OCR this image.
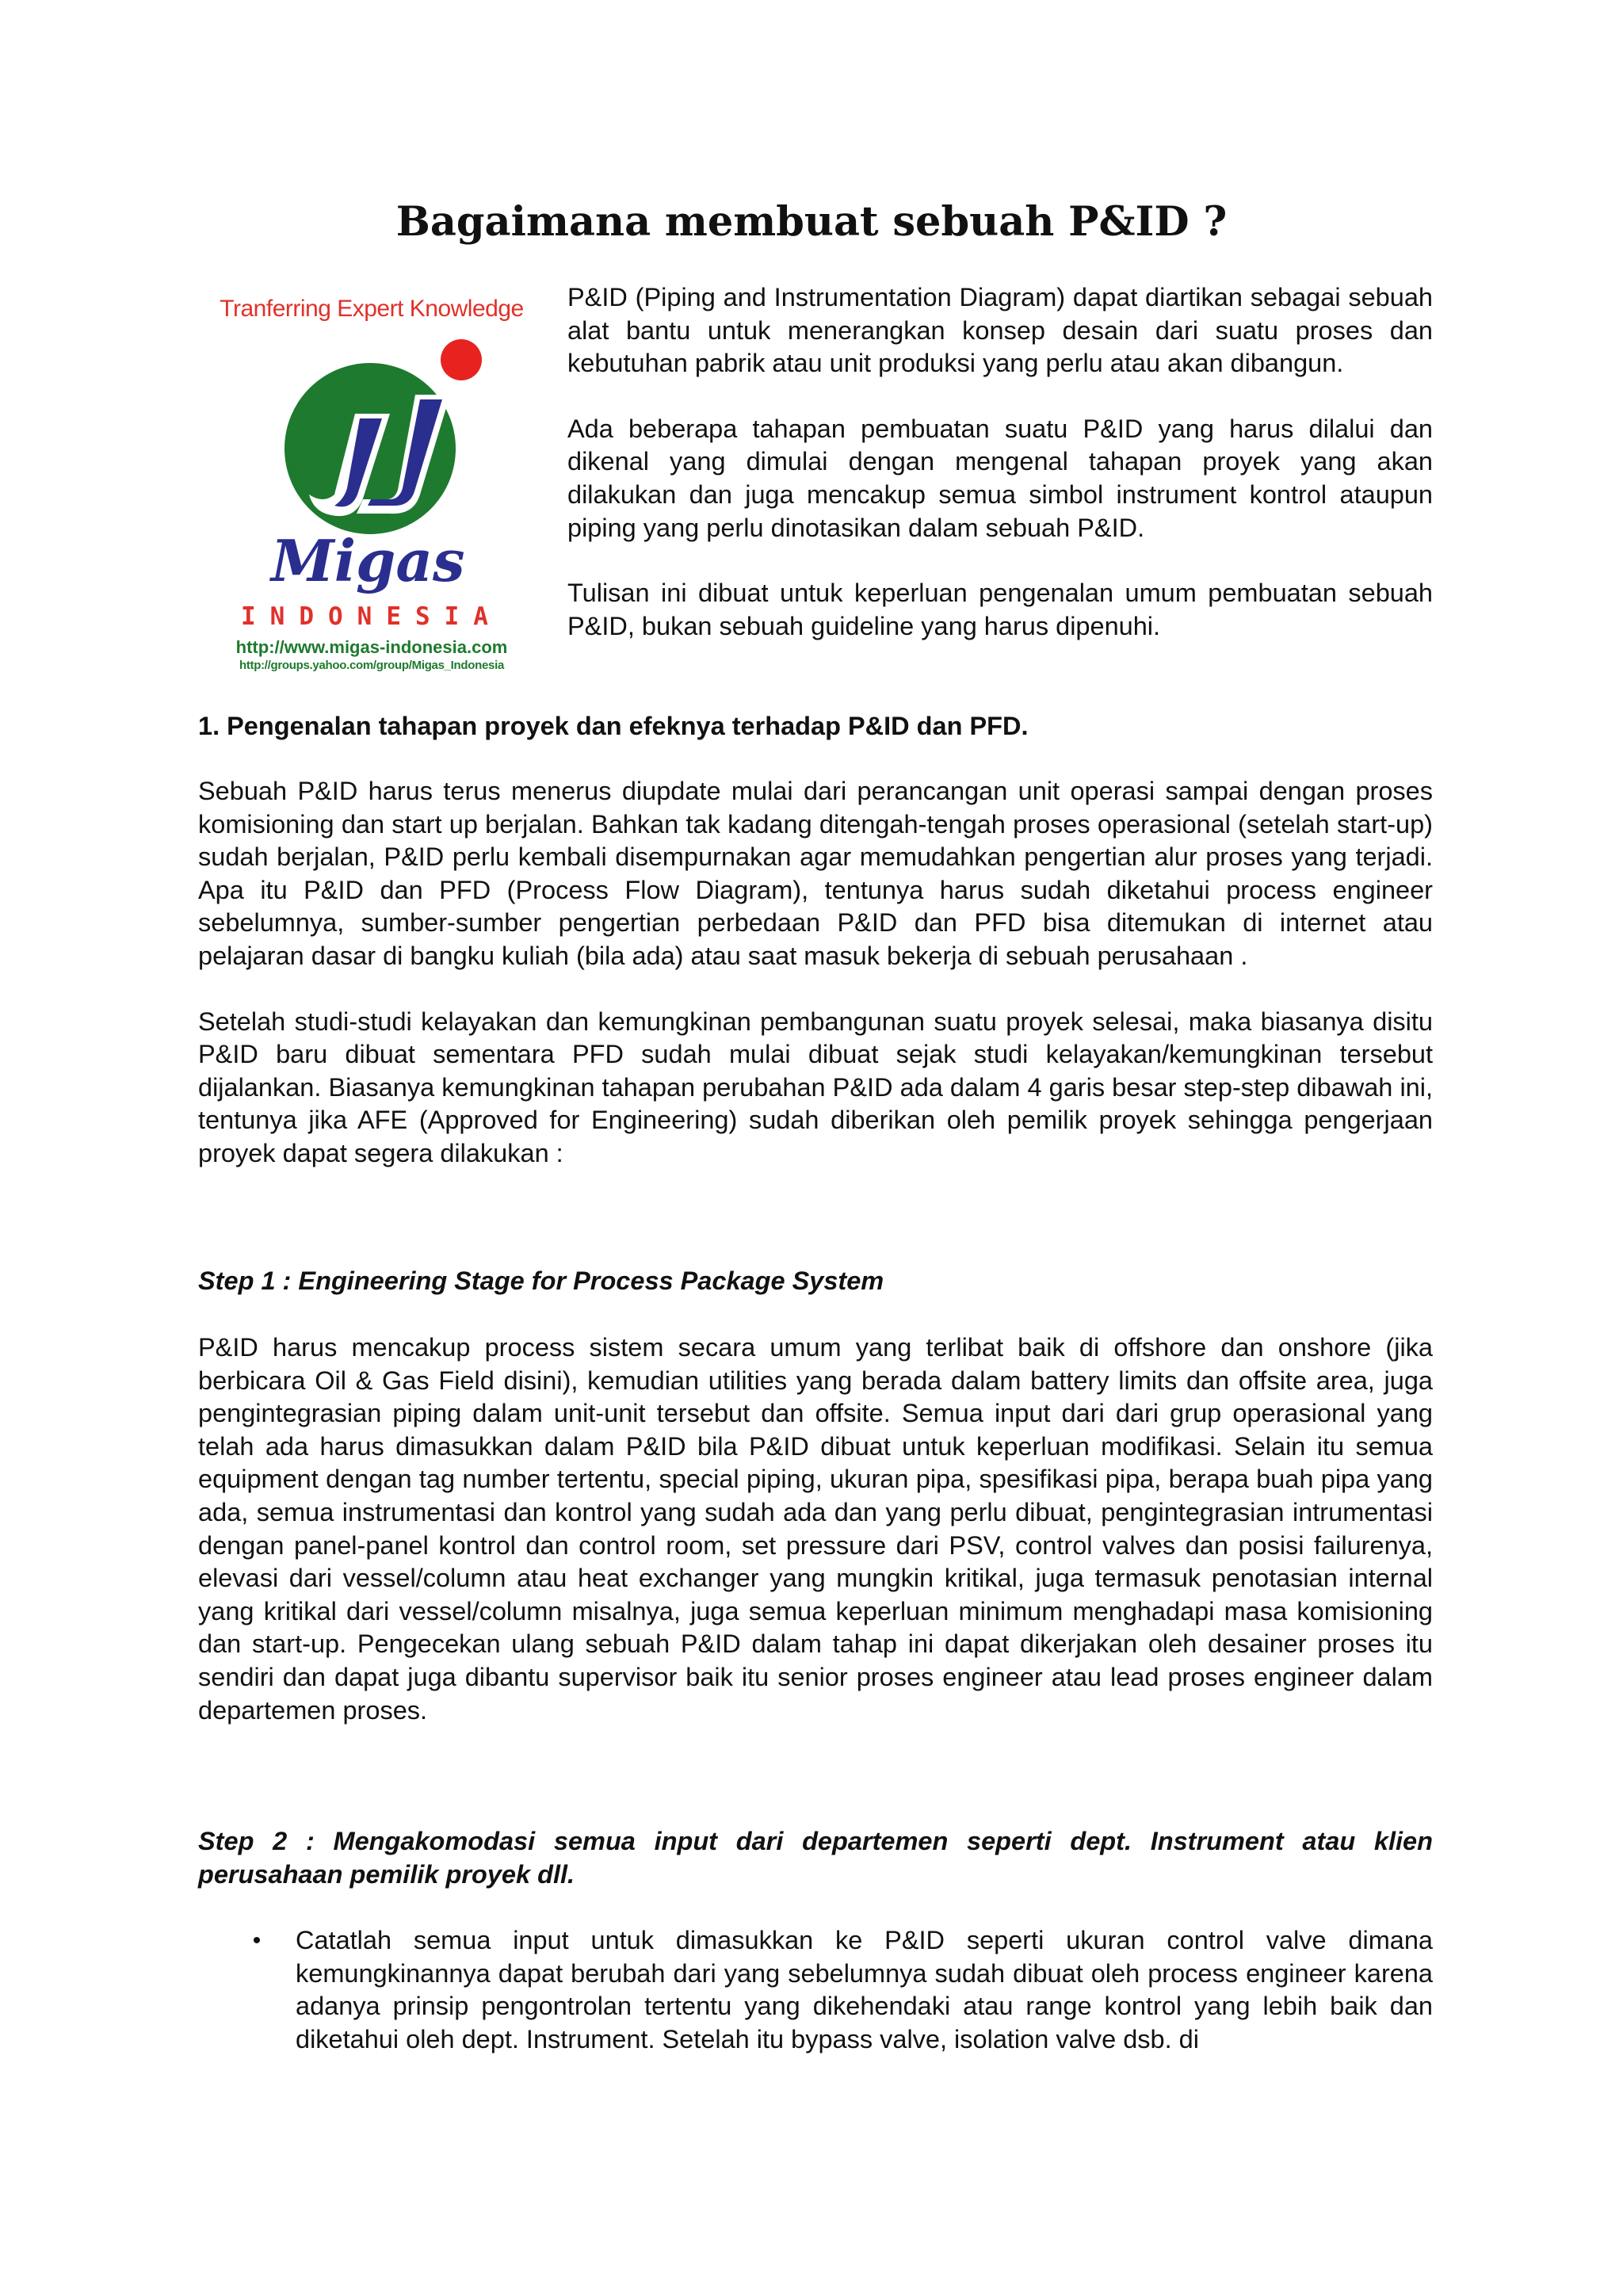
Bagaimana membuat sebuah P&ID ?
Tranferring Expert Knowledge
Migas
INDONESIA
http://www.migas-indonesia.com
http://groups.yahoo.com/group/Migas_Indonesia

P&ID (Piping and Instrumentation Diagram) dapat diartikan sebagai sebuah alat bantu untuk menerangkan konsep desain dari suatu proses dan kebutuhan pabrik atau unit produksi yang perlu atau akan dibangun.

Ada beberapa tahapan pembuatan suatu P&ID yang harus dilalui dan dikenal yang dimulai dengan mengenal tahapan proyek yang akan dilakukan dan juga mencakup semua simbol instrument kontrol ataupun piping yang perlu dinotasikan dalam sebuah P&ID.

Tulisan ini dibuat untuk keperluan pengenalan umum pembuatan sebuah P&ID, bukan sebuah guideline yang harus dipenuhi.

1. Pengenalan tahapan proyek dan efeknya terhadap P&ID dan PFD.

Sebuah P&ID harus terus menerus diupdate mulai dari perancangan unit operasi sampai dengan proses komisioning dan start up berjalan. Bahkan tak kadang ditengah-tengah proses operasional (setelah start-up) sudah berjalan, P&ID perlu kembali disempurnakan agar memudahkan pengertian alur proses yang terjadi. Apa itu P&ID dan PFD (Process Flow Diagram), tentunya harus sudah diketahui process engineer sebelumnya, sumber-sumber pengertian perbedaan P&ID dan PFD bisa ditemukan di internet atau pelajaran dasar di bangku kuliah (bila ada) atau saat masuk bekerja di sebuah perusahaan .

Setelah studi-studi kelayakan dan kemungkinan pembangunan suatu proyek selesai, maka biasanya disitu P&ID baru dibuat sementara PFD sudah mulai dibuat sejak studi kelayakan/kemungkinan tersebut dijalankan. Biasanya kemungkinan tahapan perubahan P&ID ada dalam 4 garis besar step-step dibawah ini, tentunya jika AFE (Approved for Engineering) sudah diberikan oleh pemilik proyek sehingga pengerjaan proyek dapat segera dilakukan :

Step 1 : Engineering Stage for Process Package System

P&ID harus mencakup process sistem secara umum yang terlibat baik di offshore dan onshore (jika berbicara Oil & Gas Field disini), kemudian utilities yang berada dalam battery limits dan offsite area, juga pengintegrasian piping dalam unit-unit tersebut dan offsite. Semua input dari dari grup operasional yang telah ada harus dimasukkan dalam P&ID bila P&ID dibuat untuk keperluan modifikasi. Selain itu semua equipment dengan tag number tertentu, special piping, ukuran pipa, spesifikasi pipa, berapa buah pipa yang ada, semua instrumentasi dan kontrol yang sudah ada dan yang perlu dibuat, pengintegrasian intrumentasi dengan panel-panel kontrol dan control room, set pressure dari PSV, control valves dan posisi failurenya, elevasi dari vessel/column atau heat exchanger yang mungkin kritikal, juga termasuk penotasian internal yang kritikal dari vessel/column misalnya, juga semua keperluan minimum menghadapi masa komisioning dan start-up. Pengecekan ulang sebuah P&ID dalam tahap ini dapat dikerjakan oleh desainer proses itu sendiri dan dapat juga dibantu supervisor baik itu senior proses engineer atau lead proses engineer dalam departemen proses.

Step 2 : Mengakomodasi semua input dari departemen seperti dept. Instrument atau klien perusahaan pemilik proyek dll.
• Catatlah semua input untuk dimasukkan ke P&ID seperti ukuran control valve dimana kemungkinannya dapat berubah dari yang sebelumnya sudah dibuat oleh process engineer karena adanya prinsip pengontrolan tertentu yang dikehendaki atau range kontrol yang lebih baik dan diketahui oleh dept. Instrument. Setelah itu bypass valve, isolation valve dsb. di
